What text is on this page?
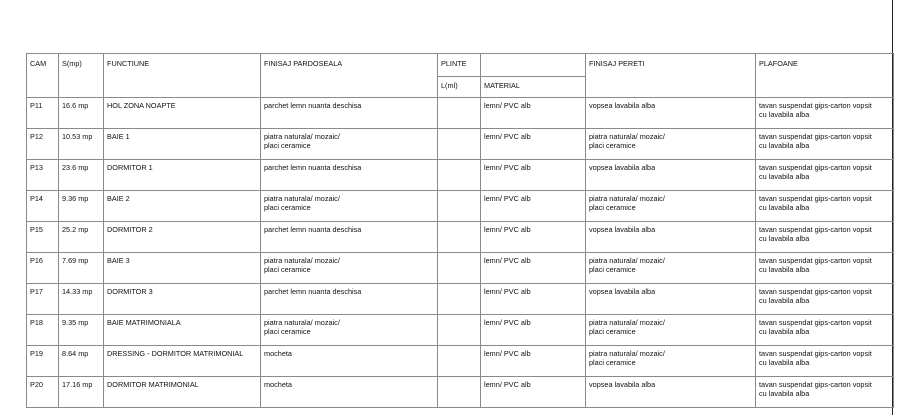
CAM	S(mp)	FUNCTIUNE	FINISAJ PARDOSEALA	PLINTE		FINISAJ PERETI	PLAFOANE
				L(ml)	MATERIAL		

P11	16.6 mp	HOL ZONA NOAPTE	parchet lemn nuanta deschisa		lemn/ PVC alb	vopsea lavabila alba	tavan suspendat gips-carton vopsit
cu lavabila alba

P12	10.53 mp	BAIE 1	piatra naturala/ mozaic/
placi ceramice		lemn/ PVC alb	piatra naturala/ mozaic/
placi ceramice	tavan suspendat gips-carton vopsit
cu lavabila alba

P13	23.6 mp	DORMITOR 1	parchet lemn nuanta deschisa		lemn/ PVC alb	vopsea lavabila alba	tavan suspendat gips-carton vopsit
cu lavabila alba

P14	9.36 mp	BAIE 2	piatra naturala/ mozaic/
placi ceramice		lemn/ PVC alb	piatra naturala/ mozaic/
placi ceramice	tavan suspendat gips-carton vopsit
cu lavabila alba

P15	25.2 mp	DORMITOR 2	parchet lemn nuanta deschisa		lemn/ PVC alb	vopsea lavabila alba	tavan suspendat gips-carton vopsit
cu lavabila alba

P16	7.69 mp	BAIE 3	piatra naturala/ mozaic/
placi ceramice		lemn/ PVC alb	piatra naturala/ mozaic/
placi ceramice	tavan suspendat gips-carton vopsit
cu lavabila alba

P17	14.33 mp	DORMITOR 3	parchet lemn nuanta deschisa		lemn/ PVC alb	vopsea lavabila alba	tavan suspendat gips-carton vopsit
cu lavabila alba

P18	9.35 mp	BAIE MATRIMONIALA	piatra naturala/ mozaic/
placi ceramice		lemn/ PVC alb	piatra naturala/ mozaic/
placi ceramice	tavan suspendat gips-carton vopsit
cu lavabila alba

P19	8.64 mp	DRESSING - DORMITOR MATRIMONIAL	mocheta		lemn/ PVC alb	piatra naturala/ mozaic/
placi ceramice	tavan suspendat gips-carton vopsit
cu lavabila alba

P20	17.16 mp	DORMITOR MATRIMONIAL	mocheta		lemn/ PVC alb	vopsea lavabila alba	tavan suspendat gips-carton vopsit
cu lavabila alba
